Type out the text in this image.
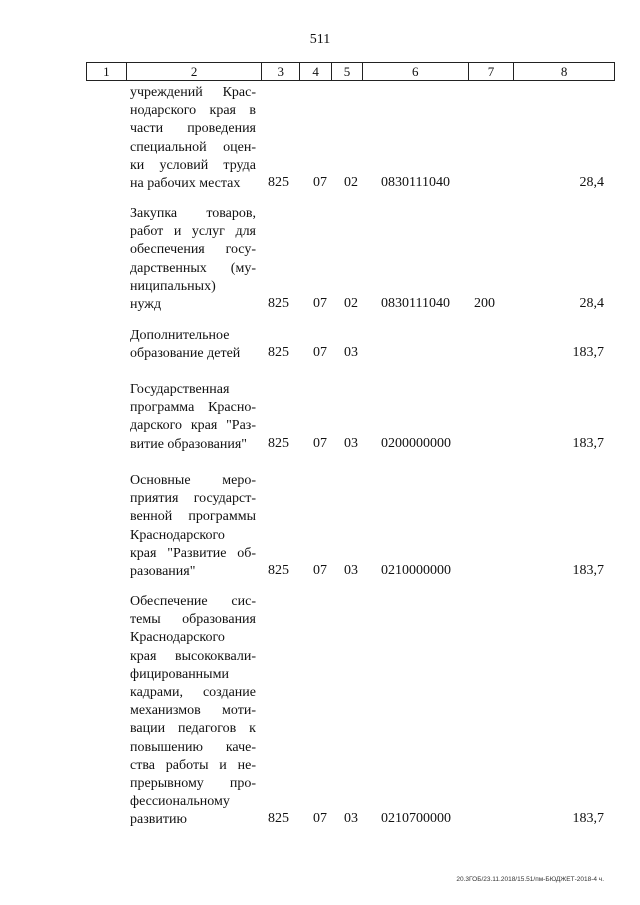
511
1	2	3	4	5	6	7	8
учреждений Крас-
нодарского края в
части проведения
специальной оцен-
ки условий труда
на рабочих местах	825 07 02 0830111040	28,4
Закупка товаров,
работ и услуг для
обеспечения госу-
дарственных (му-
ниципальных)
нужд	825 07 02 0830111040 200	28,4
Дополнительное
образование детей	825 07 03	183,7
Государственная
программа Красно-
дарского края "Раз-
витие образования"	825 07 03 0200000000	183,7
Основные меро-
приятия государст-
венной программы
Краснодарского
края "Развитие об-
разования"	825 07 03 0210000000	183,7
Обеспечение сис-
темы образования
Краснодарского
края высококвали-
фицированными
кадрами, создание
механизмов моти-
вации педагогов к
повышению каче-
ства работы и не-
прерывному про-
фессиональному
развитию	825 07 03 0210700000	183,7
20.3ГОБ/23.11.2018/15.51/пм-БЮДЖЕТ-2018-4 ч.
